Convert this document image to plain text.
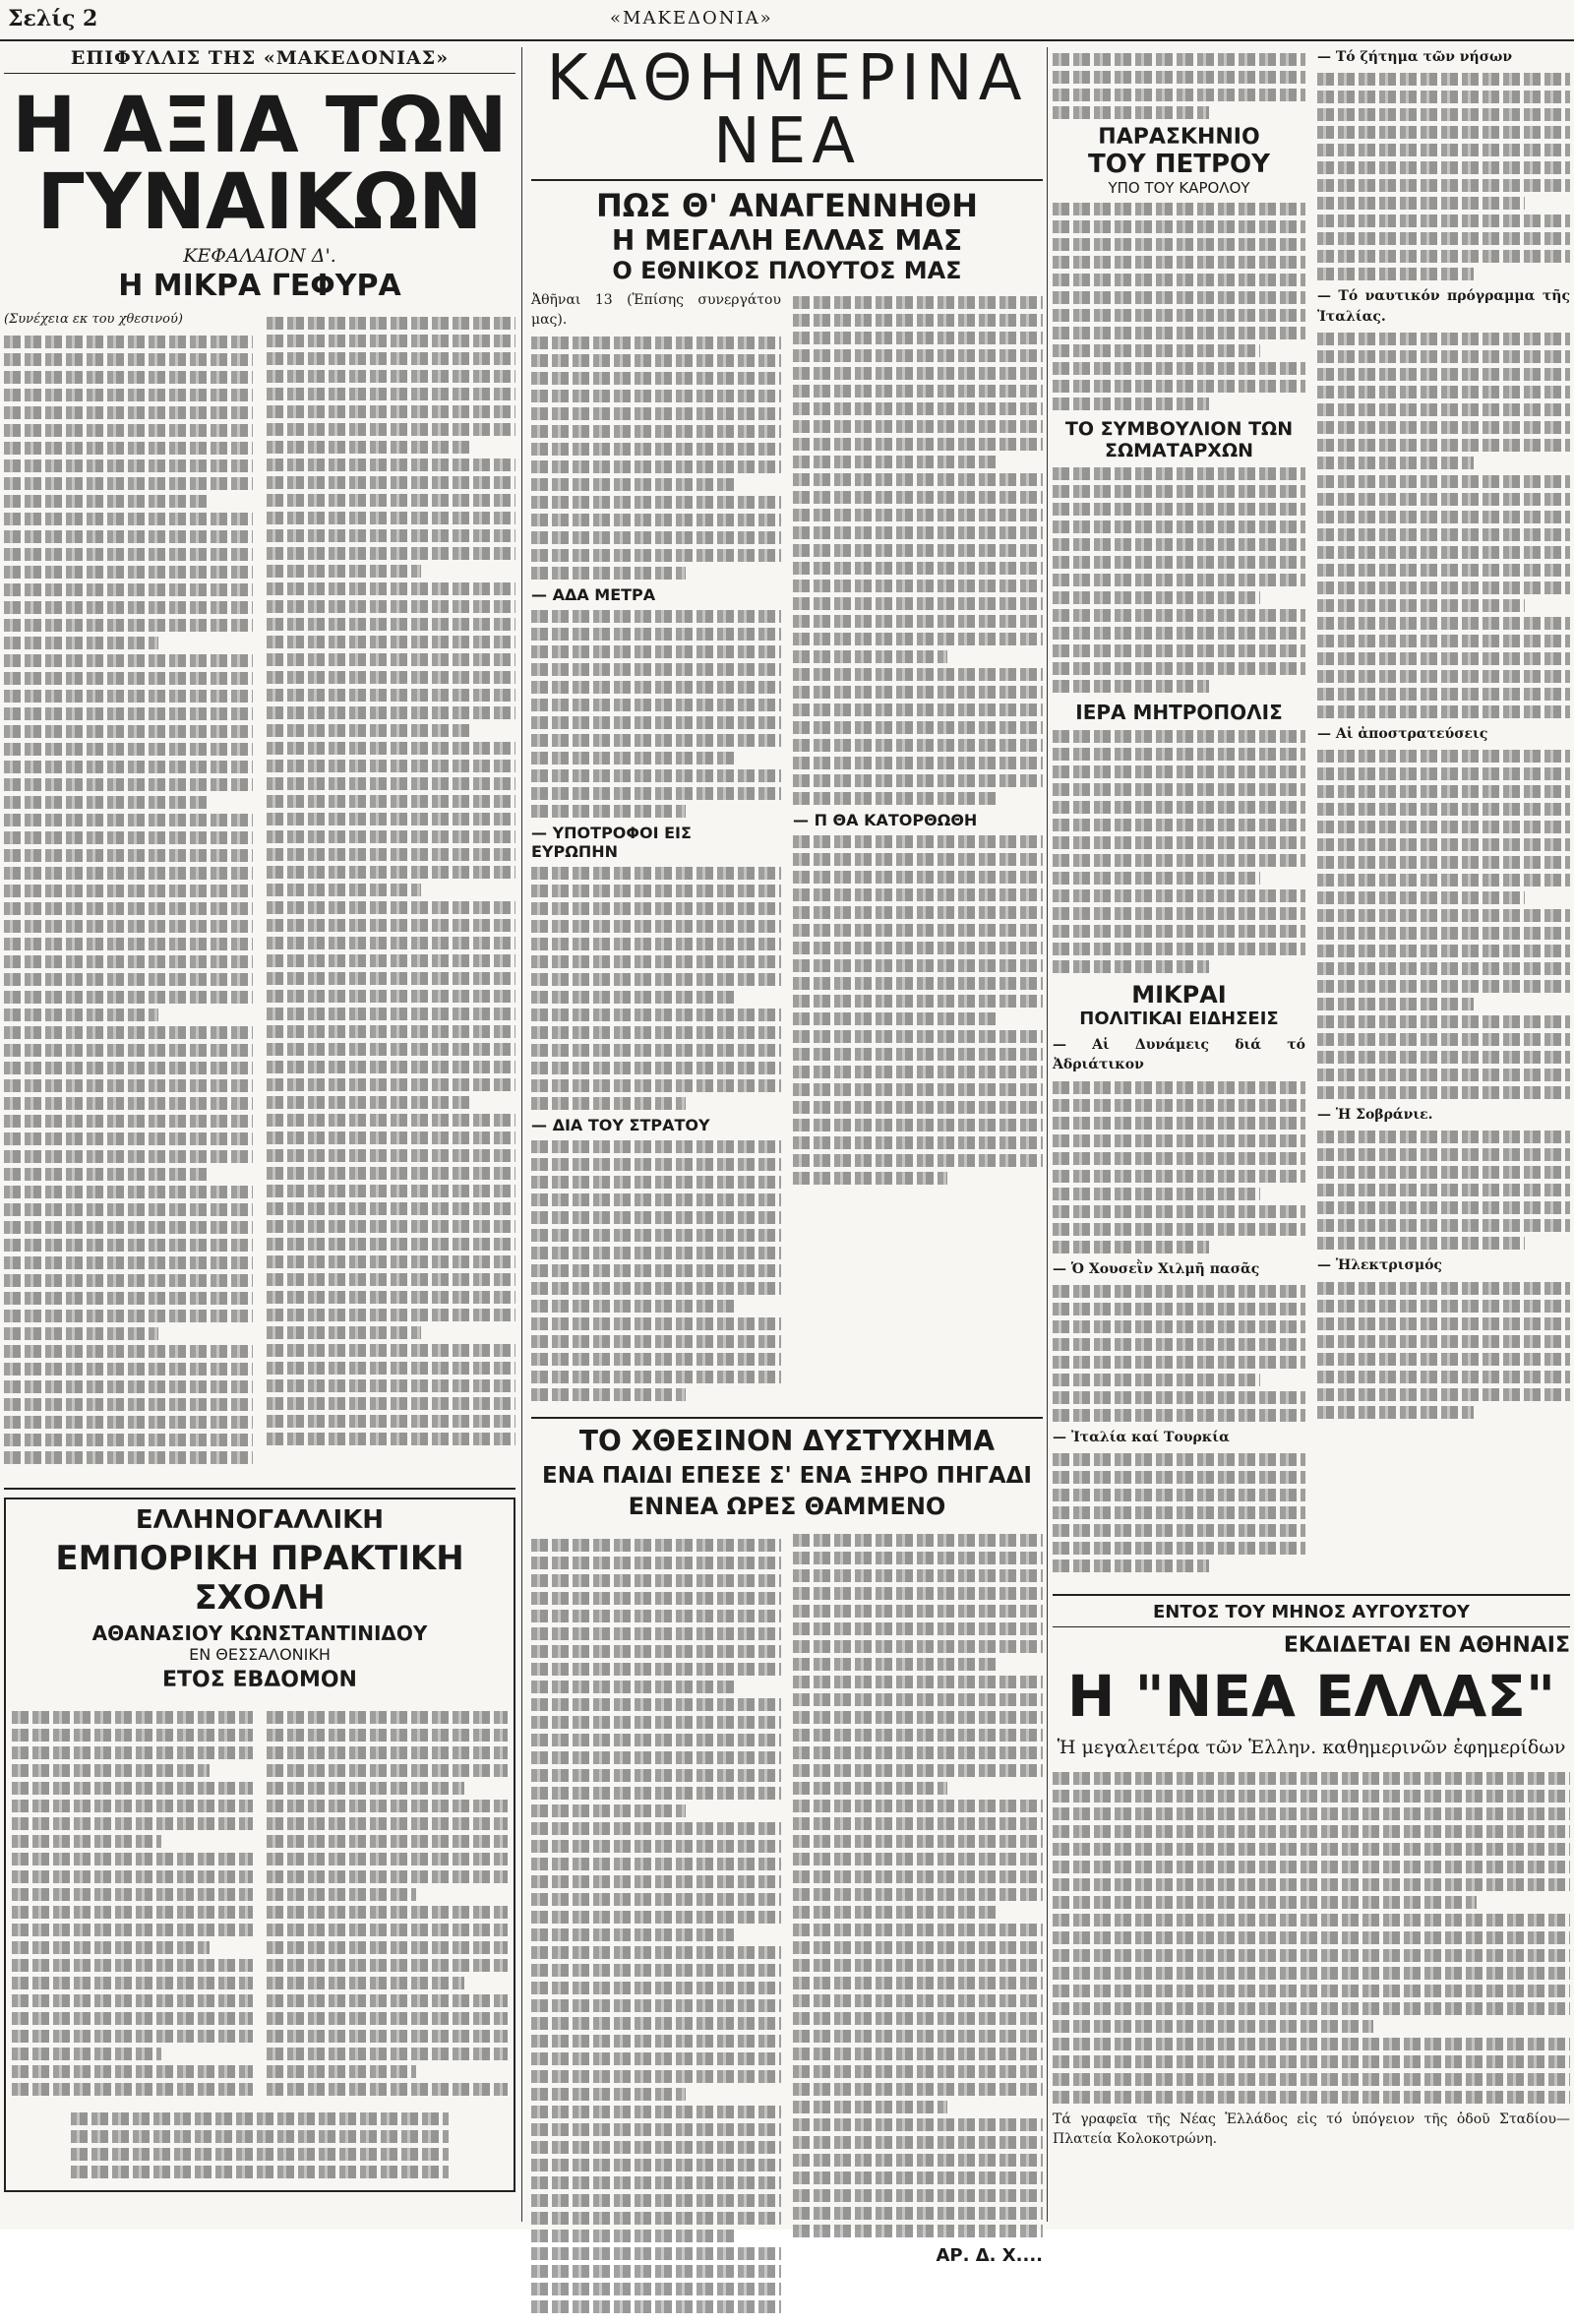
Σελίς 2	«ΜΑΚΕΔΟΝΙΑ»
ΕΠΙΦΥΛΛΙΣ ΤΗΣ «ΜΑΚΕΔΟΝΙΑΣ»
Η ΑΞΙΑ ΤΩΝ ΓΥΝΑΙΚΩΝ
ΚΕΦΑΛΑΙΟΝ Δ'.
Η ΜΙΚΡΑ ΓΕΦΥΡΑ
(Συνέχεια εκ του χθεσινού)
ΕΛΛΗΝΟΓΑΛΛΙΚΗ
ΕΜΠΟΡΙΚΗ ΠΡΑΚΤΙΚΗ ΣΧΟΛΗ
ΑΘΑΝΑΣΙΟΥ ΚΩΝΣΤΑΝΤΙΝΙΔΟΥ
ΕΝ ΘΕΣΣΑΛΟΝΙΚΗ
ΕΤΟΣ ΕΒΔΟΜΟΝ
ΚΑΘΗΜΕΡΙΝΑ ΝΕΑ
ΠΩΣ Θ' ΑΝΑΓΕΝΝΗΘΗ
Η ΜΕΓΑΛΗ ΕΛΛΑΣ ΜΑΣ
Ο ΕΘΝΙΚΟΣ ΠΛΟΥΤΟΣ ΜΑΣ
Ἀθῆναι 13 (Ἐπίσης συνεργάτου μας).
— ΑΔΑ ΜΕΤΡΑ
— ΥΠΟΤΡΟΦΟΙ ΕΙΣ ΕΥΡΩΠΗΝ
— ΔΙΑ ΤΟΥ ΣΤΡΑΤΟΥ
— Π ΘΑ ΚΑΤΟΡΘΩΘΗ
ΤΟ ΧΘΕΣΙΝΟΝ ΔΥΣΤΥΧΗΜΑ
ΕΝΑ ΠΑΙΔΙ ΕΠΕΣΕ Σ' ΕΝΑ ΞΗΡΟ ΠΗΓΑΔΙ
ΕΝΝΕΑ ΩΡΕΣ ΘΑΜΜΕΝΟ
ΑΡ. Δ. Χ....
ΠΑΡΑΣΚΗΝΙΟ
ΤΟΥ ΠΕΤΡΟΥ
ΥΠΟ ΤΟΥ ΚΑΡΟΛΟΥ
ΤΟ ΣΥΜΒΟΥΛΙΟΝ ΤΩΝ ΣΩΜΑΤΑΡΧΩΝ
ΙΕΡΑ ΜΗΤΡΟΠΟΛΙΣ
ΜΙΚΡΑΙ
ΠΟΛΙΤΙΚΑΙ ΕΙΔΗΣΕΙΣ
— Αἱ Δυνάμεις διά τό Ἀδριάτικον
— Ὁ Χουσεῒν Χιλμῆ πασᾶς
— Ἰταλία καί Τουρκία
— Τό ζήτημα τῶν νήσων
— Τό ναυτικόν πρόγραμμα τῆς Ἰταλίας.
— Αἱ ἀποστρατεύσεις
— Ἡ Σοβράνιε.
— Ἡλεκτρισμός
ΕΝΤΟΣ ΤΟΥ ΜΗΝΟΣ ΑΥΓΟΥΣΤΟΥ
ΕΚΔΙΔΕΤΑΙ ΕΝ ΑΘΗΝΑΙΣ
Η "ΝΕΑ ΕΛΛΑΣ"
Ἡ μεγαλειτέρα τῶν Ἑλλην. καθημερινῶν ἐφημερίδων
Τά γραφεῖα τῆς Νέας Ἑλλάδος εἰς τό ὑπόγειον τῆς ὁδοῦ Σταδίου—Πλατεία Κολοκοτρώνη.
